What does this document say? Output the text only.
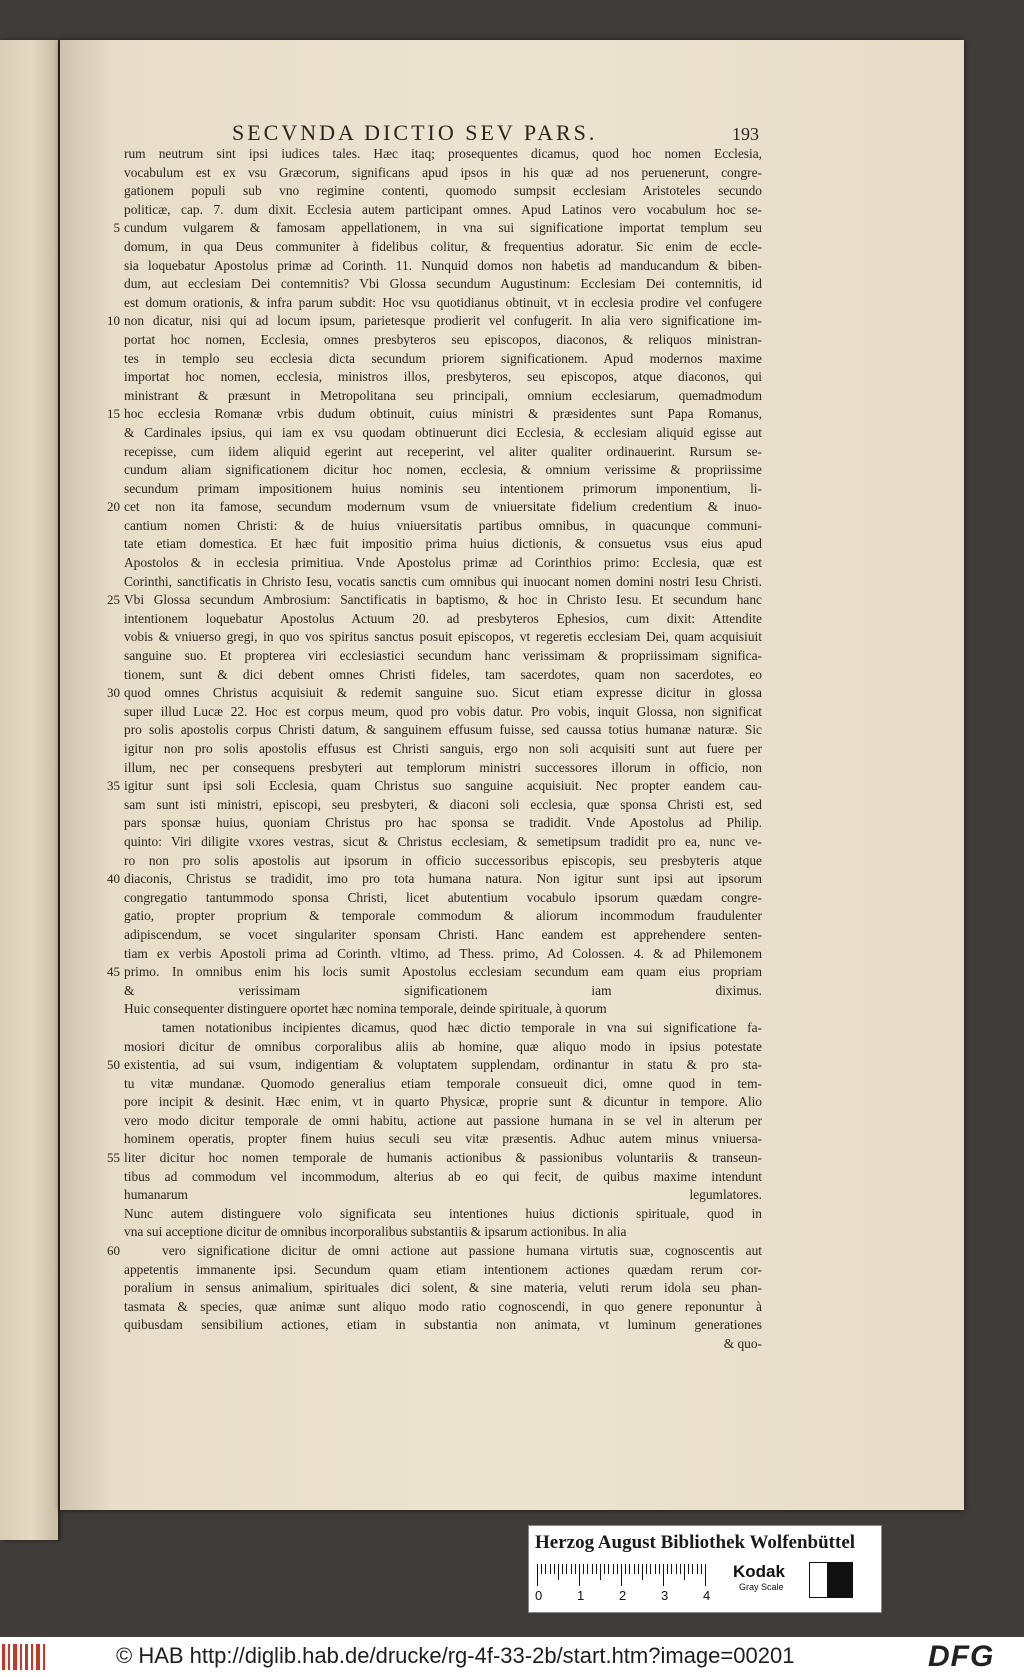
SECVNDA DICTIO SEV PARS.	193
rum neutrum sint ipsi iudices tales. Hæc itaq; prosequentes dicamus, quod hoc nomen Ecclesia,
vocabulum est ex vsu Græcorum, significans apud ipsos in his quæ ad nos peruenerunt, congre-
gationem populi sub vno regimine contenti, quomodo sumpsit ecclesiam Aristoteles secundo
politicæ, cap. 7. dum dixit. Ecclesia autem participant omnes. Apud Latinos vero vocabulum hoc se-
cundum vulgarem & famosam appellationem, in vna sui significatione importat templum seu
domum, in qua Deus communiter à fidelibus colitur, & frequentius adoratur. Sic enim de eccle-
sia loquebatur Apostolus primæ ad Corinth. 11. Nunquid domos non habetis ad manducandum & biben-
dum, aut ecclesiam Dei contemnitis? Vbi Glossa secundum Augustinum: Ecclesiam Dei contemnitis, id
est domum orationis, & infra parum subdit: Hoc vsu quotidianus obtinuit, vt in ecclesia prodire vel confugere
non dicatur, nisi qui ad locum ipsum, parietesque prodierit vel confugerit. In alia vero significatione im-
portat hoc nomen, Ecclesia, omnes presbyteros seu episcopos, diaconos, & reliquos ministran-
tes in templo seu ecclesia dicta secundum priorem significationem. Apud modernos maxime
importat hoc nomen, ecclesia, ministros illos, presbyteros, seu episcopos, atque diaconos, qui
ministrant & præsunt in Metropolitana seu principali, omnium ecclesiarum, quemadmodum
hoc ecclesia Romanæ vrbis dudum obtinuit, cuius ministri & præsidentes sunt Papa Romanus,
& Cardinales ipsius, qui iam ex vsu quodam obtinuerunt dici Ecclesia, & ecclesiam aliquid egisse aut
recepisse, cum iidem aliquid egerint aut receperint, vel aliter qualiter ordinauerint. Rursum se-
cundum aliam significationem dicitur hoc nomen, ecclesia, & omnium verissime & propriissime
secundum primam impositionem huius nominis seu intentionem primorum imponentium, li-
cet non ita famose, secundum modernum vsum de vniuersitate fidelium credentium & inuo-
cantium nomen Christi: & de huius vniuersitatis partibus omnibus, in quacunque communi-
tate etiam domestica. Et hæc fuit impositio prima huius dictionis, & consuetus vsus eius apud
Apostolos & in ecclesia primitiua. Vnde Apostolus primæ ad Corinthios primo: Ecclesia, quæ est
Corinthi, sanctificatis in Christo Iesu, vocatis sanctis cum omnibus qui inuocant nomen domini nostri Iesu Christi.
Vbi Glossa secundum Ambrosium: Sanctificatis in baptismo, & hoc in Christo Iesu. Et secundum hanc
intentionem loquebatur Apostolus Actuum 20. ad presbyteros Ephesios, cum dixit: Attendite
vobis & vniuerso gregi, in quo vos spiritus sanctus posuit episcopos, vt regeretis ecclesiam Dei, quam acquisiuit
sanguine suo. Et propterea viri ecclesiastici secundum hanc verissimam & propriissimam significa-
tionem, sunt & dici debent omnes Christi fideles, tam sacerdotes, quam non sacerdotes, eo
quod omnes Christus acquisiuit & redemit sanguine suo. Sicut etiam expresse dicitur in glossa
super illud Lucæ 22. Hoc est corpus meum, quod pro vobis datur. Pro vobis, inquit Glossa, non significat
pro solis apostolis corpus Christi datum, & sanguinem effusum fuisse, sed caussa totius humanæ naturæ. Sic
igitur non pro solis apostolis effusus est Christi sanguis, ergo non soli acquisiti sunt aut fuere per
illum, nec per consequens presbyteri aut templorum ministri successores illorum in officio, non
igitur sunt ipsi soli Ecclesia, quam Christus suo sanguine acquisiuit. Nec propter eandem cau-
sam sunt isti ministri, episcopi, seu presbyteri, & diaconi soli ecclesia, quæ sponsa Christi est, sed
pars sponsæ huius, quoniam Christus pro hac sponsa se tradidit. Vnde Apostolus ad Philip.
quinto: Viri diligite vxores vestras, sicut & Christus ecclesiam, & semetipsum tradidit pro ea, nunc ve-
ro non pro solis apostolis aut ipsorum in officio successoribus episcopis, seu presbyteris atque
diaconis, Christus se tradidit, imo pro tota humana natura. Non igitur sunt ipsi aut ipsorum
congregatio tantummodo sponsa Christi, licet abutentium vocabulo ipsorum quædam congre-
gatio, propter proprium & temporale commodum & aliorum incommodum fraudulenter
adipiscendum, se vocet singulariter sponsam Christi. Hanc eandem est apprehendere senten-
tiam ex verbis Apostoli prima ad Corinth. vltimo, ad Thess. primo, Ad Colossen. 4. & ad Philemonem
primo. In omnibus enim his locis sumit Apostolus ecclesiam secundum eam quam eius propriam
& verissimam significationem iam diximus.
Huic consequenter distinguere oportet hæc nomina temporale, deinde spirituale, à quorum
tamen notationibus incipientes dicamus, quod hæc dictio temporale in vna sui significatione fa-
mosiori dicitur de omnibus corporalibus aliis ab homine, quæ aliquo modo in ipsius potestate
existentia, ad sui vsum, indigentiam & voluptatem supplendam, ordinantur in statu & pro sta-
tu vitæ mundanæ. Quomodo generalius etiam temporale consueuit dici, omne quod in tem-
pore incipit & desinit. Hæc enim, vt in quarto Physicæ, proprie sunt & dicuntur in tempore. Alio
vero modo dicitur temporale de omni habitu, actione aut passione humana in se vel in alterum per
hominem operatis, propter finem huius seculi seu vitæ præsentis. Adhuc autem minus vniuersa-
liter dicitur hoc nomen temporale de humanis actionibus & passionibus voluntariis & transeun-
tibus ad commodum vel incommodum, alterius ab eo qui fecit, de quibus maxime intendunt
humanarum legumlatores.
Nunc autem distinguere volo significata seu intentiones huius dictionis spirituale, quod in
vna sui acceptione dicitur de omnibus incorporalibus substantiis & ipsarum actionibus. In alia
vero significatione dicitur de omni actione aut passione humana virtutis suæ, cognoscentis aut
appetentis immanente ipsi. Secundum quam etiam intentionem actiones quædam rerum cor-
poralium in sensus animalium, spirituales dici solent, & sine materia, veluti rerum idola seu phan-
tasmata & species, quæ animæ sunt aliquo modo ratio cognoscendi, in quo genere reponuntur à
quibusdam sensibilium actiones, etiam in substantia non animata, vt luminum generationes
& quo-
5
10
15
20
25
30
35
40
45
50
55
60
Herzog August Bibliothek Wolfenbüttel
0	1	2	3	4
Kodak
Gray Scale
© HAB http://diglib.hab.de/drucke/rg-4f-33-2b/start.htm?image=00201	DFG
